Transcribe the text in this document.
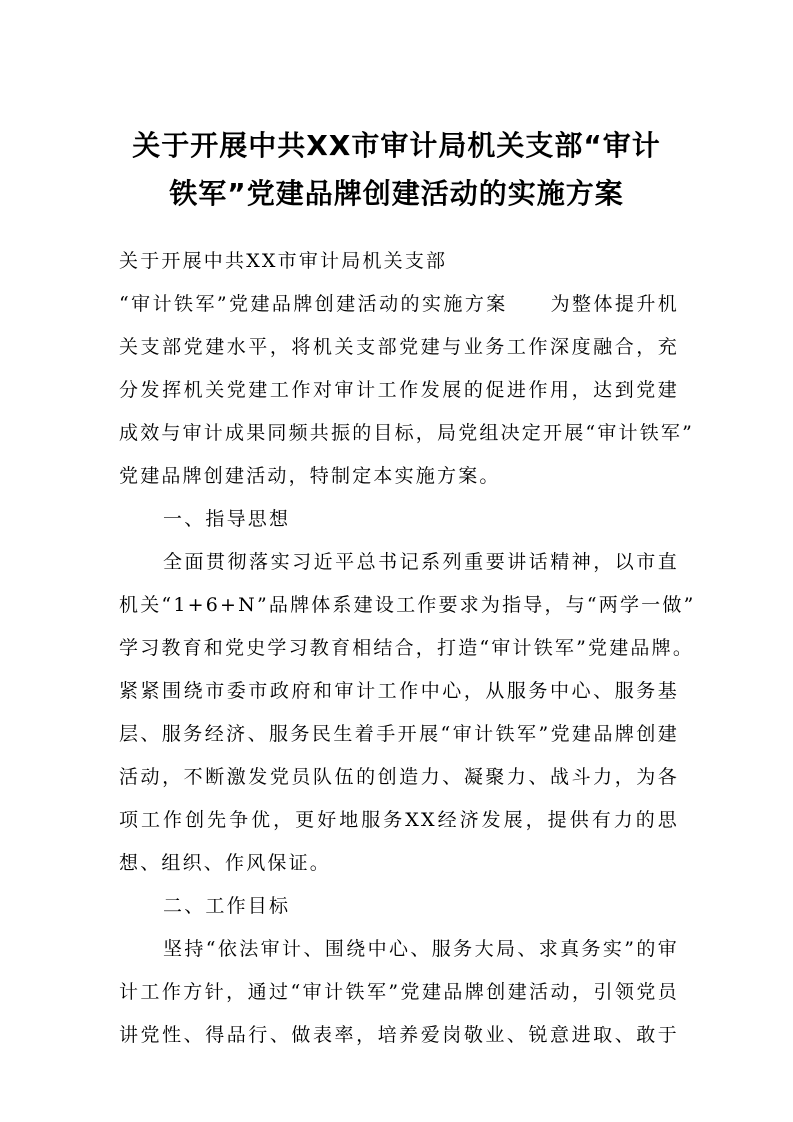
关于开展中共XX市审计局机关支部“审计
铁军”党建品牌创建活动的实施方案
关于开展中共XX市审计局机关支部
“审计铁军”党建品牌创建活动的实施方案　　为整体提升机
关支部党建水平，将机关支部党建与业务工作深度融合，充
分发挥机关党建工作对审计工作发展的促进作用，达到党建
成效与审计成果同频共振的目标，局党组决定开展“审计铁军”
党建品牌创建活动，特制定本实施方案。
一、指导思想
全面贯彻落实习近平总书记系列重要讲话精神，以市直
机关“1+6+N”品牌体系建设工作要求为指导，与“两学一做”
学习教育和党史学习教育相结合，打造“审计铁军”党建品牌。
紧紧围绕市委市政府和审计工作中心，从服务中心、服务基
层、服务经济、服务民生着手开展“审计铁军”党建品牌创建
活动，不断激发党员队伍的创造力、凝聚力、战斗力，为各
项工作创先争优，更好地服务XX经济发展，提供有力的思
想、组织、作风保证。
二、工作目标
坚持“依法审计、围绕中心、服务大局、求真务实”的审
计工作方针，通过“审计铁军”党建品牌创建活动，引领党员
讲党性、得品行、做表率，培养爱岗敬业、锐意进取、敢于
